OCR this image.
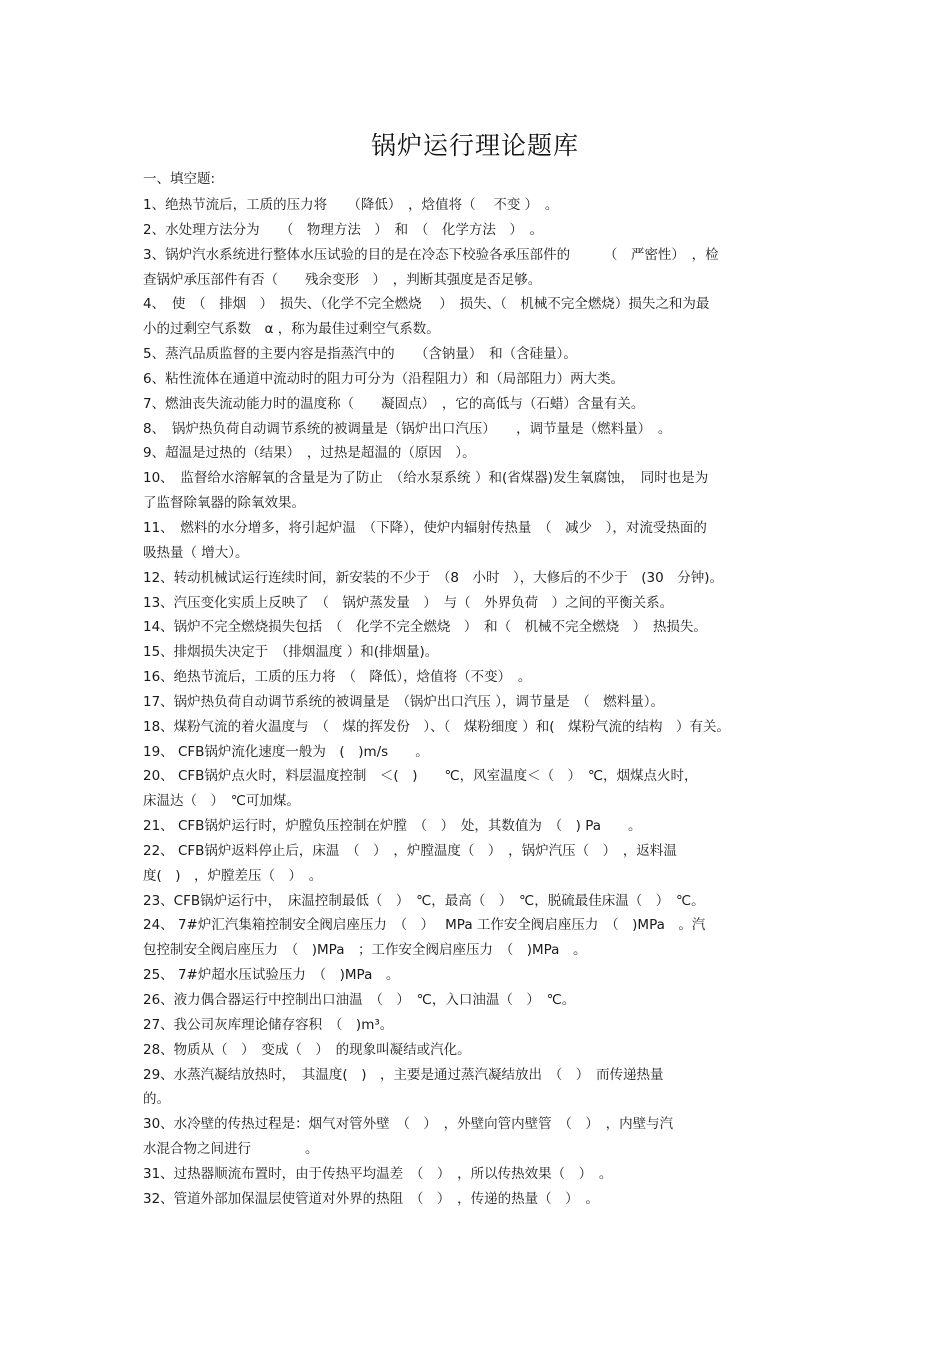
锅炉运行理论题库
一、填空题:
1、绝热节流后，工质的压力将　　（降低）　，焓值将（　 不变 ）　。
2、水处理方法分为　　（　物理方法　）　和　（　化学方法　）　。
3、锅炉汽水系统进行整体水压试验的目的是在冷态下校验各承压部件的　　　（　严密性）　，检
查锅炉承压部件有否（　　残余变形　）　，判断其强度是否足够。
4、　使　（　排烟　）　损失、（化学不完全燃烧　 ）　损失、（　机械不完全燃烧）损失之和为最
小的过剩空气系数　α ，称为最佳过剩空气系数。
5、蒸汽品质监督的主要内容是指蒸汽中的　　（含钠量）　和（含硅量）。
6、粘性流体在通道中流动时的阻力可分为（沿程阻力）和（局部阻力）两大类。
7、燃油丧失流动能力时的温度称（　　凝固点）　，它的高低与（石蜡）含量有关。
8、　锅炉热负荷自动调节系统的被调量是（锅炉出口汽压）　　，调节量是（燃料量）　。
9、超温是过热的（结果）　，过热是超温的（原因　）。
10、　监督给水溶解氧的含量是为了防止　（给水泵系统 ）和(省煤器)发生氧腐蚀，　同时也是为
了监督除氧器的除氧效果。
11、　燃料的水分增多，将引起炉温　（下降），使炉内辐射传热量　（　减少　），对流受热面的
吸热量（ 增大）。
12、转动机械试运行连续时间，新安装的不少于　（8　小时　），大修后的不少于　(30　分钟)。
13、汽压变化实质上反映了　（　锅炉蒸发量　）　与（　外界负荷　）之间的平衡关系。
14、锅炉不完全燃烧损失包括　（　化学不完全燃烧　）　和（　机械不完全燃烧　）　热损失。
15、排烟损失决定于　（排烟温度 ）和(排烟量)。
16、绝热节流后，工质的压力将　（　降低），焓值将（不变）　。
17、锅炉热负荷自动调节系统的被调量是　（锅炉出口汽压 ），调节量是　（　燃料量）。
18、煤粉气流的着火温度与　（　煤的挥发份　）、（　煤粉细度 ）和(　煤粉气流的结构　）有关。
19、 CFB锅炉流化速度一般为　(　)m/s　　。
20、 CFB锅炉点火时，料层温度控制　＜(　)　　℃，风室温度＜（　）　℃，烟煤点火时，
床温达（　）　℃可加煤。
21、 CFB锅炉运行时，炉膛负压控制在炉膛　（　）　处，其数值为　（　) Pa　　。
22、 CFB锅炉返料停止后，床温　（　）　，炉膛温度（　）　，锅炉汽压（　）　，返料温
度(　)　，炉膛差压（　）　。
23、CFB锅炉运行中，　床温控制最低（　）　℃，最高（　）　℃，脱硫最佳床温（　）　℃。
24、 7#炉汇汽集箱控制安全阀启座压力　（　）　 MPa 工作安全阀启座压力　（　)MPa　。汽
包控制安全阀启座压力　（　)MPa　；工作安全阀启座压力　（　)MPa　。
25、 7#炉超水压试验压力　（　)MPa　。
26、液力偶合器运行中控制出口油温　（　）　℃，入口油温（　）　℃。
27、我公司灰库理论储存容积　（　)m³。
28、物质从（　）　变成（　）　的现象叫凝结或汽化。
29、水蒸汽凝结放热时，　其温度(　)　，主要是通过蒸汽凝结放出　（　）　而传递热量
的。
30、水冷壁的传热过程是：烟气对管外壁　（　）　，外壁向管内壁管　（　）　，内壁与汽
水混合物之间进行　　　　。
31、过热器顺流布置时，由于传热平均温差　（　）　，所以传热效果（　）　。
32、管道外部加保温层使管道对外界的热阻　（　）　，传递的热量（　）　。
